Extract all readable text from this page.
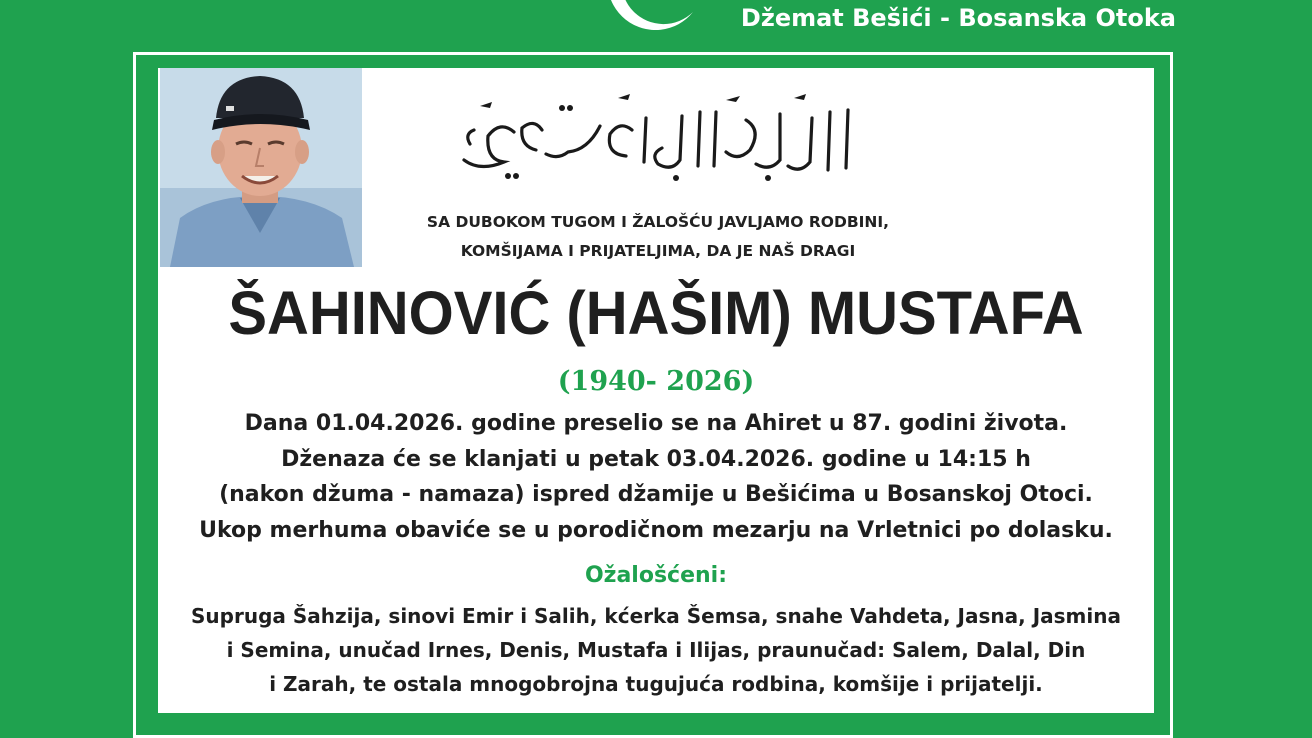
Džemat Bešići - Bosanska Otoka
SA DUBOKOM TUGOM I ŽALOŠĆU JAVLJAMO RODBINI,
KOMŠIJAMA I PRIJATELJIMA, DA JE NAŠ DRAGI
ŠAHINOVIĆ (HAŠIM) MUSTAFA
(1940- 2026)
Dana 01.04.2026. godine preselio se na Ahiret u 87. godini života.
Dženaza će se klanjati u petak 03.04.2026. godine u 14:15 h
(nakon džuma - namaza) ispred džamije u Bešićima u Bosanskoj Otoci.
Ukop merhuma obaviće se u porodičnom mezarju na Vrletnici po dolasku.
Ožalošćeni:
Supruga Šahzija, sinovi Emir i Salih, kćerka Šemsa, snahe Vahdeta, Jasna, Jasmina
i Semina, unučad Irnes, Denis, Mustafa i Ilijas, praunučad: Salem, Dalal, Din
i Zarah, te ostala mnogobrojna tugujuća rodbina, komšije i prijatelji.
